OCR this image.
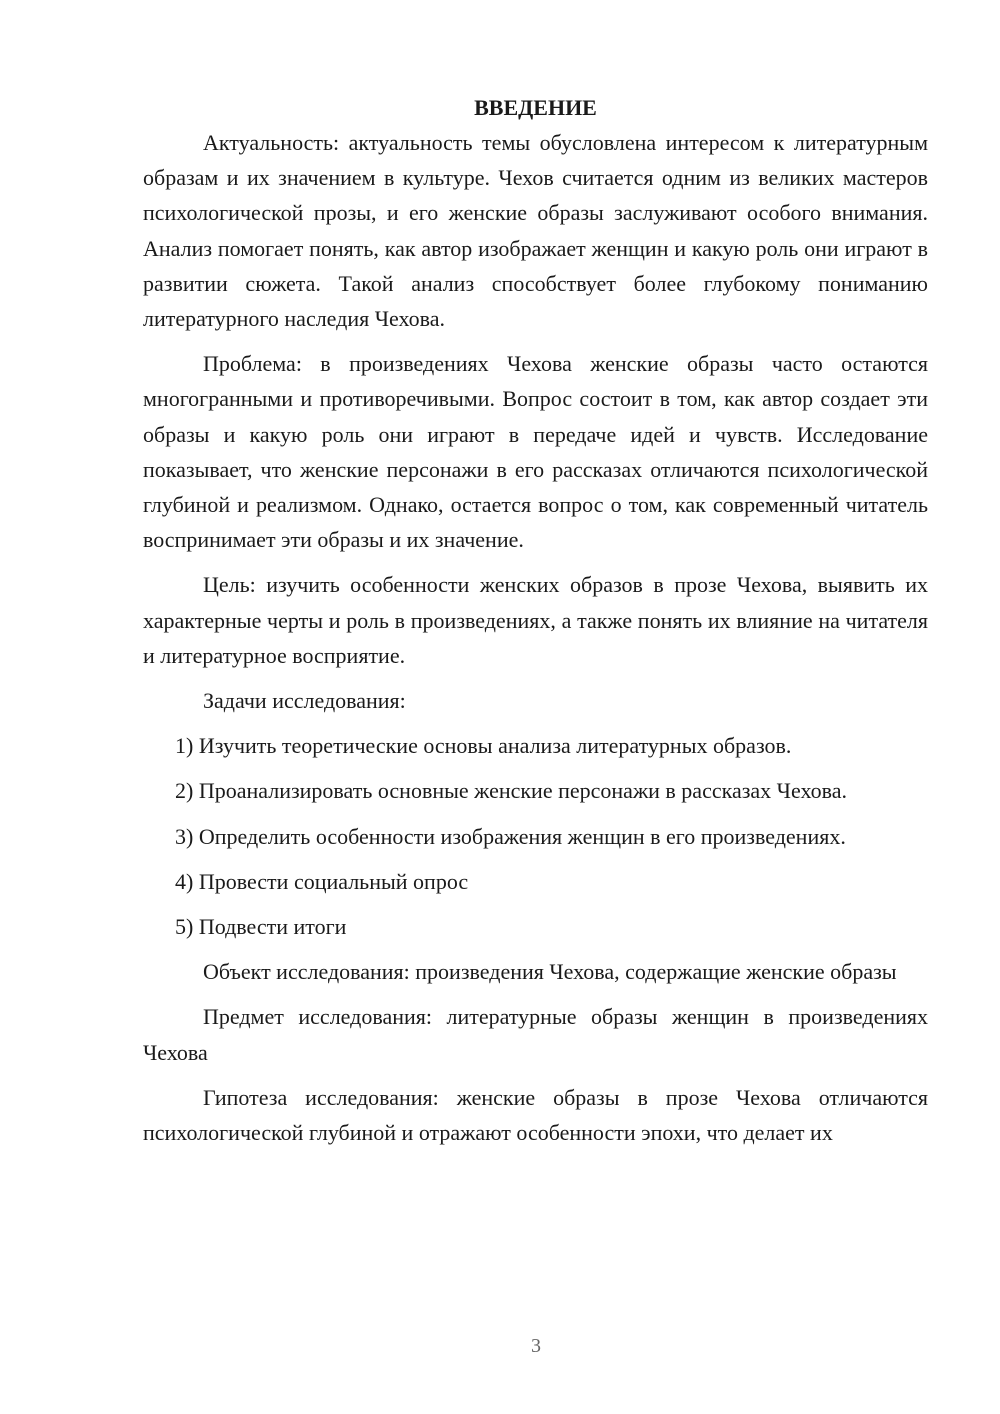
ВВЕДЕНИЕ

Актуальность: актуальность темы обусловлена интересом к литературным образам и их значением в культуре. Чехов считается одним из великих мастеров психологической прозы, и его женские образы заслуживают особого внимания. Анализ помогает понять, как автор изображает женщин и какую роль они играют в развитии сюжета. Такой анализ способствует более глубокому пониманию литературного наследия Чехова.

Проблема: в произведениях Чехова женские образы часто остаются многогранными и противоречивыми. Вопрос состоит в том, как автор создает эти образы и какую роль они играют в передаче идей и чувств. Исследование показывает, что женские персонажи в его рассказах отличаются психологической глубиной и реализмом. Однако, остается вопрос о том, как современный читатель воспринимает эти образы и их значение.

Цель: изучить особенности женских образов в прозе Чехова, выявить их характерные черты и роль в произведениях, а также понять их влияние на читателя и литературное восприятие.

Задачи исследования:

1) Изучить теоретические основы анализа литературных образов.

2) Проанализировать основные женские персонажи в рассказах Чехова.

3) Определить особенности изображения женщин в его произведениях.

4) Провести социальный опрос

5) Подвести итоги

Объект исследования: произведения Чехова, содержащие женские образы

Предмет исследования: литературные образы женщин в произведениях Чехова

Гипотеза исследования: женские образы в прозе Чехова отличаются психологической глубиной и отражают особенности эпохи, что делает их

3
